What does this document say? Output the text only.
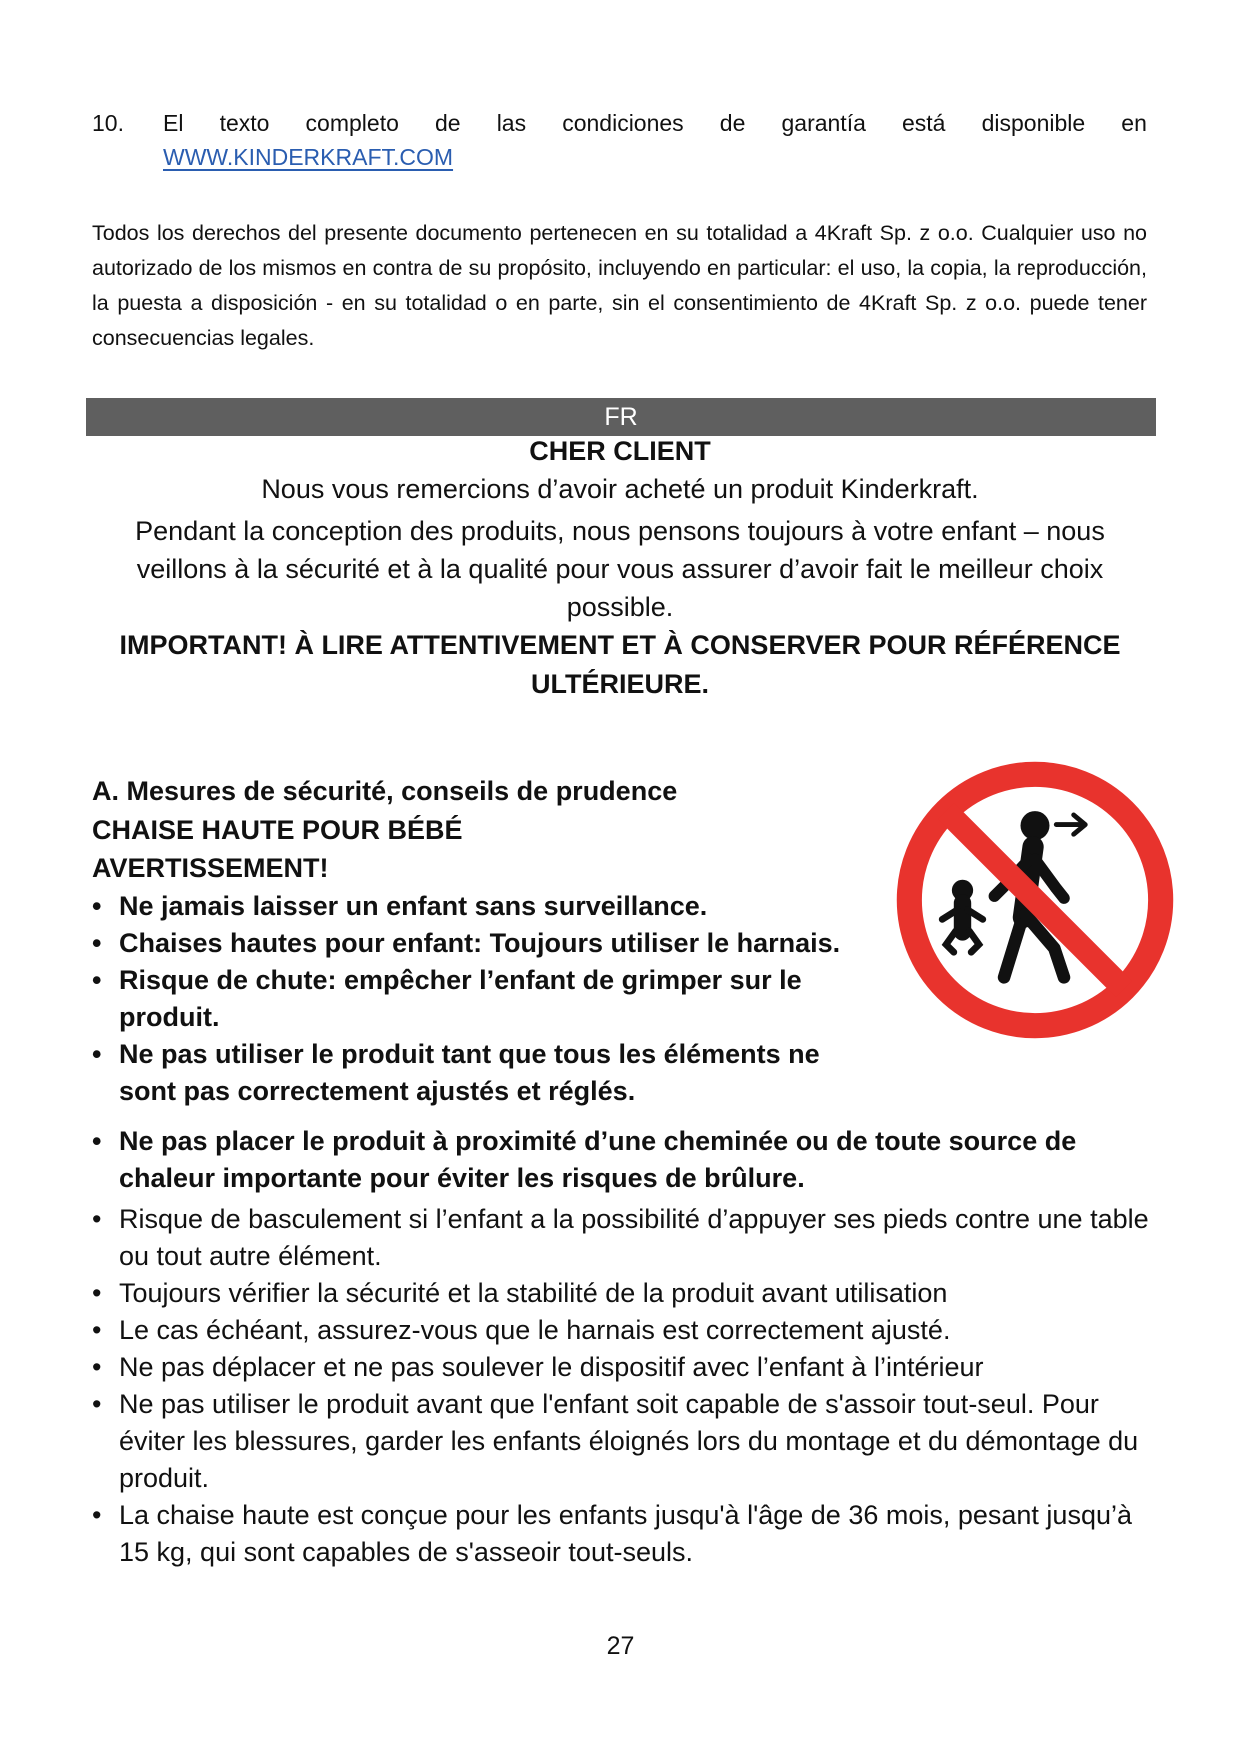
10. El texto completo de las condiciones de garantía está disponible en
WWW.KINDERKRAFT.COM
Todos los derechos del presente documento pertenecen en su totalidad a 4Kraft Sp. z o.o. Cualquier uso no autorizado de los mismos en contra de su propósito, incluyendo en particular: el uso, la copia, la reproducción, la puesta a disposición - en su totalidad o en parte, sin el consentimiento de 4Kraft Sp. z o.o. puede tener consecuencias legales.
FR
CHER CLIENT
Nous vous remercions d’avoir acheté un produit Kinderkraft.
Pendant la conception des produits, nous pensons toujours à votre enfant – nous veillons à la sécurité et à la qualité pour vous assurer d’avoir fait le meilleur choix possible.
IMPORTANT! À LIRE ATTENTIVEMENT ET À CONSERVER POUR RÉFÉRENCE ULTÉRIEURE.
A. Mesures de sécurité, conseils de prudence
CHAISE HAUTE POUR BÉBÉ
AVERTISSEMENT!
• Ne jamais laisser un enfant sans surveillance.
• Chaises hautes pour enfant: Toujours utiliser le harnais.
• Risque de chute: empêcher l’enfant de grimper sur le produit.
• Ne pas utiliser le produit tant que tous les éléments ne sont pas correctement ajustés et réglés.
• Ne pas placer le produit à proximité d’une cheminée ou de toute source de chaleur importante pour éviter les risques de brûlure.
• Risque de basculement si l’enfant a la possibilité d’appuyer ses pieds contre une table ou tout autre élément.
• Toujours vérifier la sécurité et la stabilité de la produit avant utilisation
• Le cas échéant, assurez-vous que le harnais est correctement ajusté.
• Ne pas déplacer et ne pas soulever le dispositif avec l’enfant à l’intérieur
• Ne pas utiliser le produit avant que l'enfant soit capable de s'assoir tout-seul. Pour éviter les blessures, garder les enfants éloignés lors du montage et du démontage du produit.
• La chaise haute est conçue pour les enfants jusqu'à l'âge de 36 mois, pesant jusqu’à 15 kg, qui sont capables de s'asseoir tout-seuls.
27
